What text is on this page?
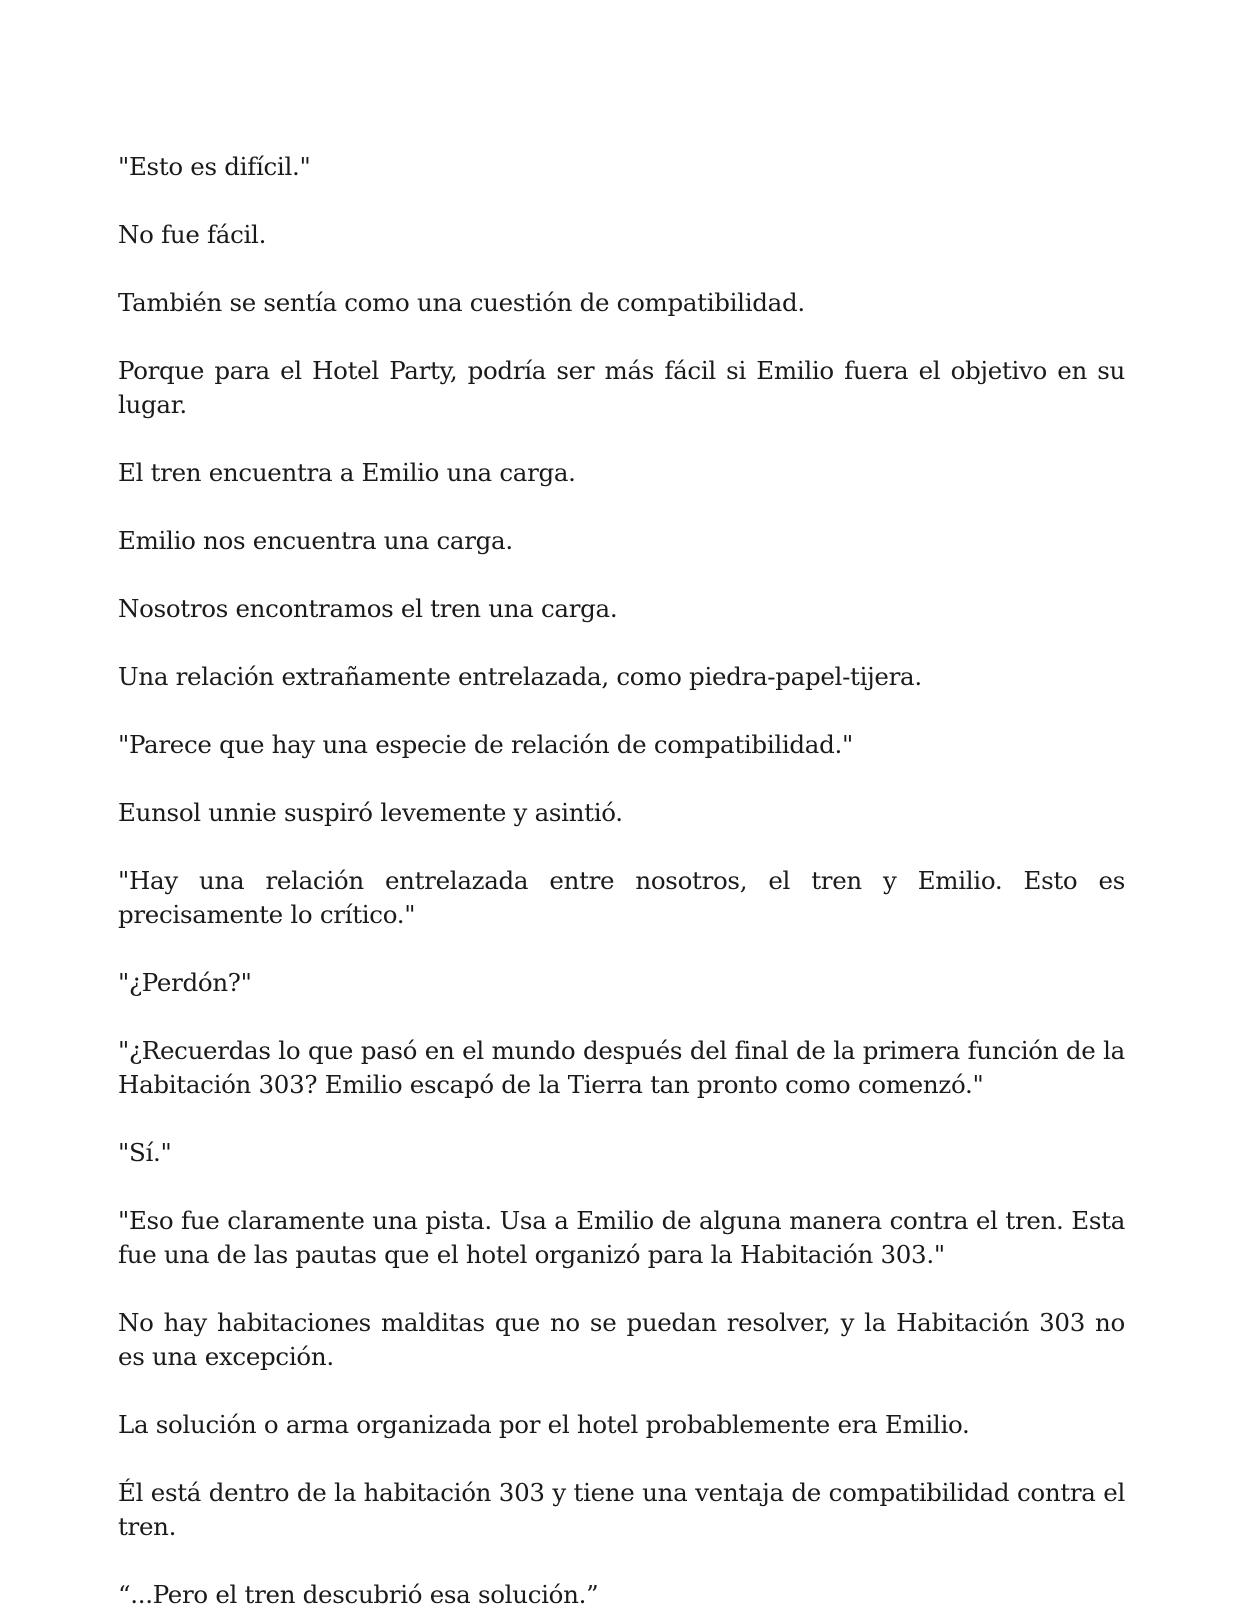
"Esto es difícil."

No fue fácil.

También se sentía como una cuestión de compatibilidad.

Porque para el Hotel Party, podría ser más fácil si Emilio fuera el objetivo en su lugar.

El tren encuentra a Emilio una carga.

Emilio nos encuentra una carga.

Nosotros encontramos el tren una carga.

Una relación extrañamente entrelazada, como piedra-papel-tijera.

"Parece que hay una especie de relación de compatibilidad."

Eunsol unnie suspiró levemente y asintió.

"Hay una relación entrelazada entre nosotros, el tren y Emilio. Esto es precisamente lo crítico."

"¿Perdón?"

"¿Recuerdas lo que pasó en el mundo después del final de la primera función de la Habitación 303? Emilio escapó de la Tierra tan pronto como comenzó."

"Sí."

"Eso fue claramente una pista. Usa a Emilio de alguna manera contra el tren. Esta fue una de las pautas que el hotel organizó para la Habitación 303."

No hay habitaciones malditas que no se puedan resolver, y la Habitación 303 no es una excepción.

La solución o arma organizada por el hotel probablemente era Emilio.

Él está dentro de la habitación 303 y tiene una ventaja de compatibilidad contra el tren.

“...Pero el tren descubrió esa solución.”
